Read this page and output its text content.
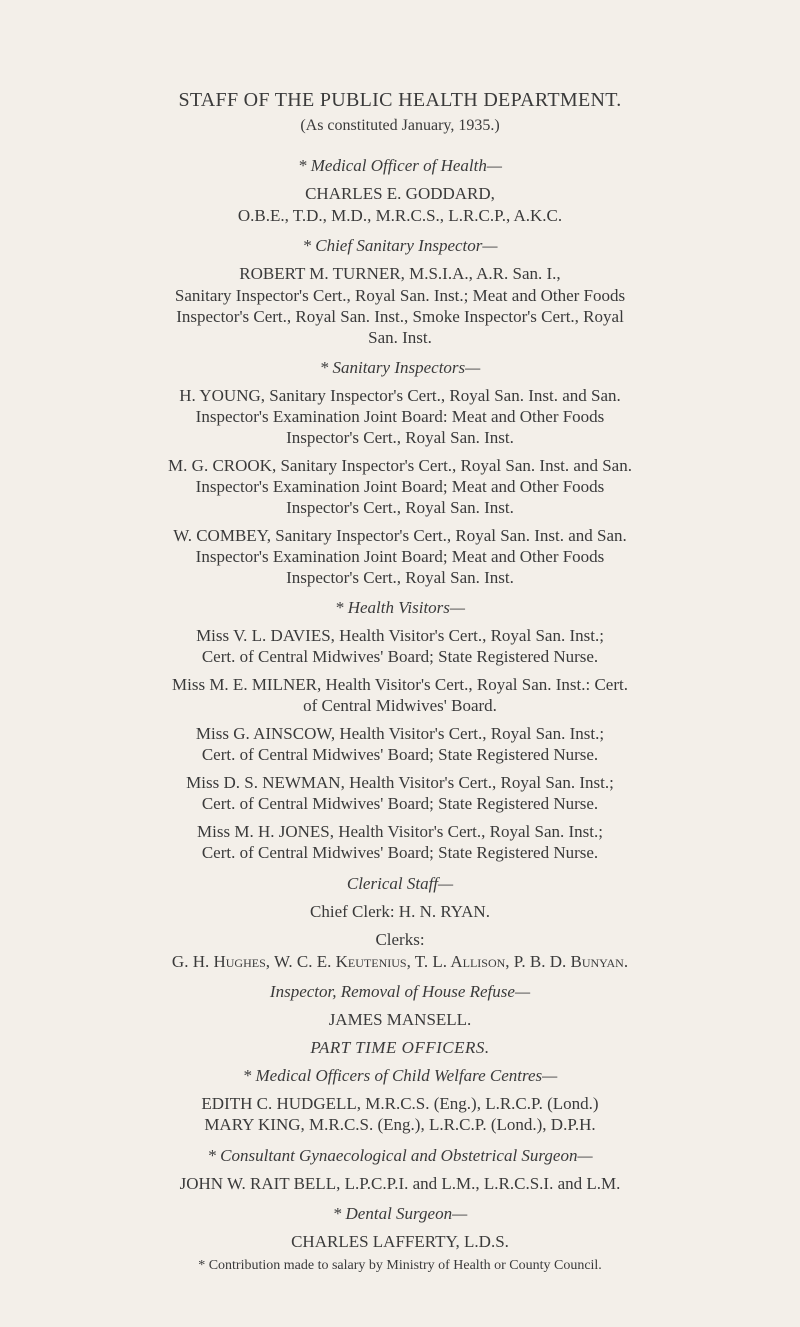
STAFF OF THE PUBLIC HEALTH DEPARTMENT.
(As constituted January, 1935.)
* Medical Officer of Health—
CHARLES E. GODDARD,
O.B.E., T.D., M.D., M.R.C.S., L.R.C.P., A.K.C.
* Chief Sanitary Inspector—
ROBERT M. TURNER, M.S.I.A., A.R. San. I.,
Sanitary Inspector's Cert., Royal San. Inst.; Meat and Other Foods
Inspector's Cert., Royal San. Inst., Smoke Inspector's Cert., Royal
San. Inst.
* Sanitary Inspectors—
H. YOUNG, Sanitary Inspector's Cert., Royal San. Inst. and San.
Inspector's Examination Joint Board: Meat and Other Foods
Inspector's Cert., Royal San. Inst.
M. G. CROOK, Sanitary Inspector's Cert., Royal San. Inst. and San.
Inspector's Examination Joint Board; Meat and Other Foods
Inspector's Cert., Royal San. Inst.
W. COMBEY, Sanitary Inspector's Cert., Royal San. Inst. and San.
Inspector's Examination Joint Board; Meat and Other Foods
Inspector's Cert., Royal San. Inst.
* Health Visitors—
Miss V. L. DAVIES, Health Visitor's Cert., Royal San. Inst.;
Cert. of Central Midwives' Board; State Registered Nurse.
Miss M. E. MILNER, Health Visitor's Cert., Royal San. Inst.: Cert.
of Central Midwives' Board.
Miss G. AINSCOW, Health Visitor's Cert., Royal San. Inst.;
Cert. of Central Midwives' Board; State Registered Nurse.
Miss D. S. NEWMAN, Health Visitor's Cert., Royal San. Inst.;
Cert. of Central Midwives' Board; State Registered Nurse.
Miss M. H. JONES, Health Visitor's Cert., Royal San. Inst.;
Cert. of Central Midwives' Board; State Registered Nurse.
Clerical Staff—
Chief Clerk: H. N. RYAN.
Clerks:
G. H. Hughes, W. C. E. Keutenius, T. L. Allison, P. B. D. Bunyan.
Inspector, Removal of House Refuse—
JAMES MANSELL.
PART TIME OFFICERS.
* Medical Officers of Child Welfare Centres—
EDITH C. HUDGELL, M.R.C.S. (Eng.), L.R.C.P. (Lond.)
MARY KING, M.R.C.S. (Eng.), L.R.C.P. (Lond.), D.P.H.
* Consultant Gynaecological and Obstetrical Surgeon—
JOHN W. RAIT BELL, L.P.C.P.I. and L.M., L.R.C.S.I. and L.M.
* Dental Surgeon—
CHARLES LAFFERTY, L.D.S.
* Contribution made to salary by Ministry of Health or County Council.
